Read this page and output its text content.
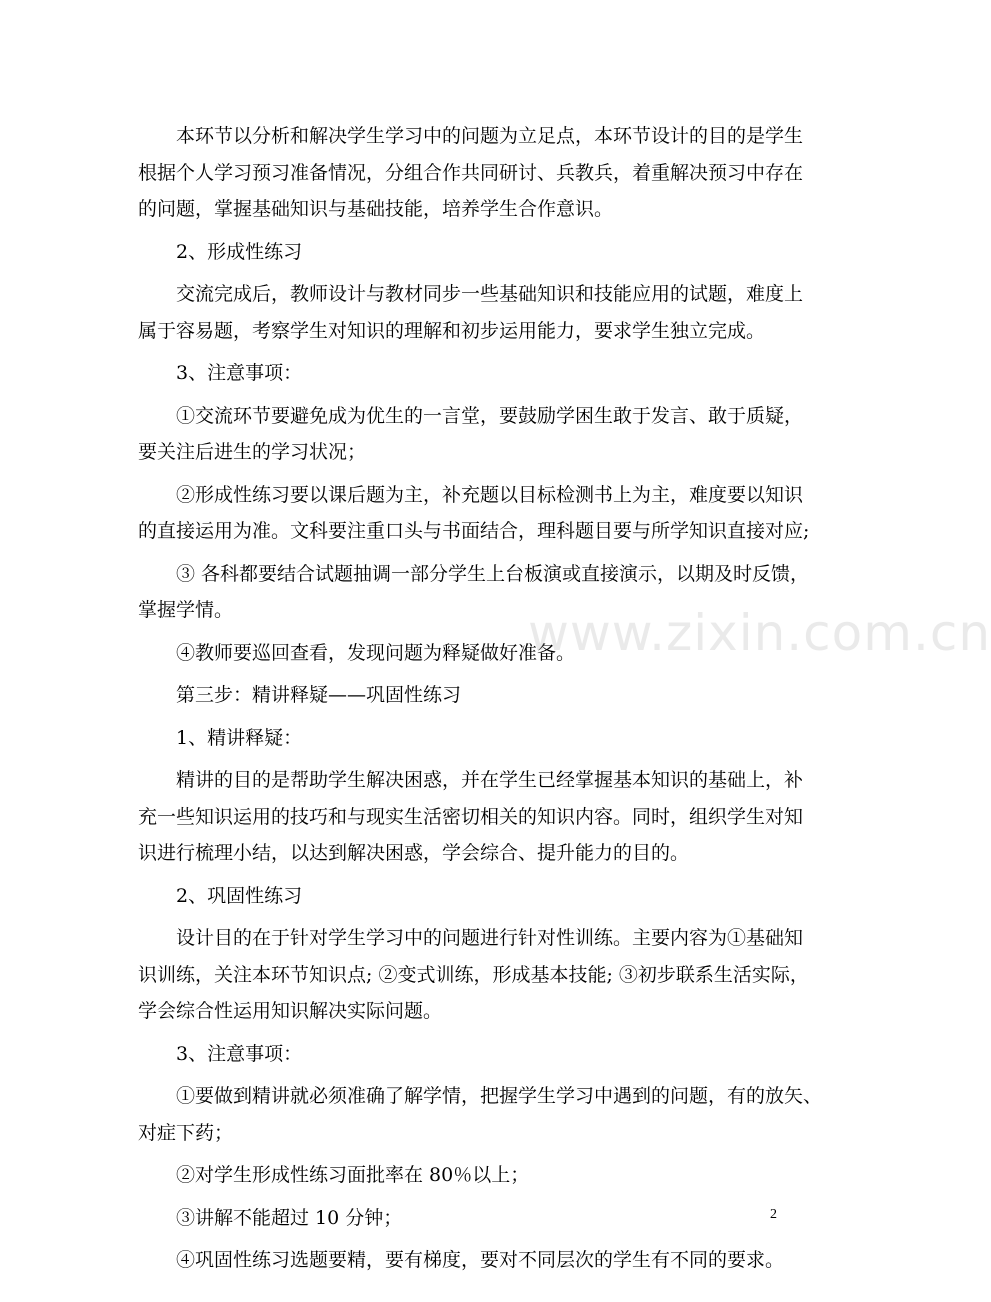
本环节以分析和解决学生学习中的问题为立足点，本环节设计的目的是学生
根据个人学习预习准备情况，分组合作共同研讨、兵教兵，着重解决预习中存在
的问题，掌握基础知识与基础技能，培养学生合作意识。
2、形成性练习
交流完成后，教师设计与教材同步一些基础知识和技能应用的试题，难度上
属于容易题，考察学生对知识的理解和初步运用能力，要求学生独立完成。
3、注意事项：
①交流环节要避免成为优生的一言堂，要鼓励学困生敢于发言、敢于质疑，
要关注后进生的学习状况；
②形成性练习要以课后题为主，补充题以目标检测书上为主，难度要以知识
的直接运用为准。文科要注重口头与书面结合，理科题目要与所学知识直接对应;
③ 各科都要结合试题抽调一部分学生上台板演或直接演示，以期及时反馈，
掌握学情。
④教师要巡回查看，发现问题为释疑做好准备。
第三步：精讲释疑——巩固性练习
1、精讲释疑：
精讲的目的是帮助学生解决困惑，并在学生已经掌握基本知识的基础上，补
充一些知识运用的技巧和与现实生活密切相关的知识内容。同时，组织学生对知
识进行梳理小结，以达到解决困惑，学会综合、提升能力的目的。
2、巩固性练习
设计目的在于针对学生学习中的问题进行针对性训练。主要内容为①基础知
识训练，关注本环节知识点; ②变式训练，形成基本技能; ③初步联系生活实际，
学会综合性运用知识解决实际问题。
3、注意事项：
①要做到精讲就必须准确了解学情，把握学生学习中遇到的问题，有的放矢、
对症下药；
②对学生形成性练习面批率在 80％以上；
③讲解不能超过 10 分钟；
④巩固性练习选题要精，要有梯度，要对不同层次的学生有不同的要求。
www.zixin.com.cn
2
